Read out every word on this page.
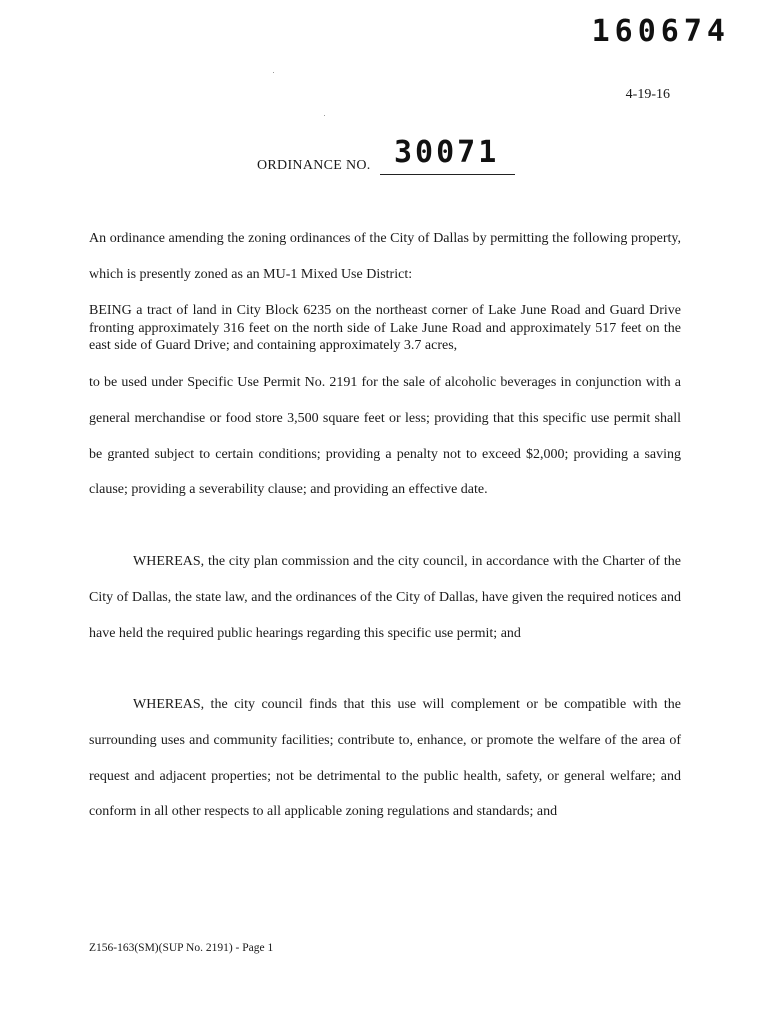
160674
4-19-16
ORDINANCE NO. 30071
An ordinance amending the zoning ordinances of the City of Dallas by permitting the following property, which is presently zoned as an MU-1 Mixed Use District:
BEING a tract of land in City Block 6235 on the northeast corner of Lake June Road and Guard Drive fronting approximately 316 feet on the north side of Lake June Road and approximately 517 feet on the east side of Guard Drive; and containing approximately 3.7 acres,
to be used under Specific Use Permit No. 2191 for the sale of alcoholic beverages in conjunction with a general merchandise or food store 3,500 square feet or less; providing that this specific use permit shall be granted subject to certain conditions; providing a penalty not to exceed $2,000; providing a saving clause; providing a severability clause; and providing an effective date.
WHEREAS, the city plan commission and the city council, in accordance with the Charter of the City of Dallas, the state law, and the ordinances of the City of Dallas, have given the required notices and have held the required public hearings regarding this specific use permit; and
WHEREAS, the city council finds that this use will complement or be compatible with the surrounding uses and community facilities; contribute to, enhance, or promote the welfare of the area of request and adjacent properties; not be detrimental to the public health, safety, or general welfare; and conform in all other respects to all applicable zoning regulations and standards; and
Z156-163(SM)(SUP No. 2191) - Page 1
